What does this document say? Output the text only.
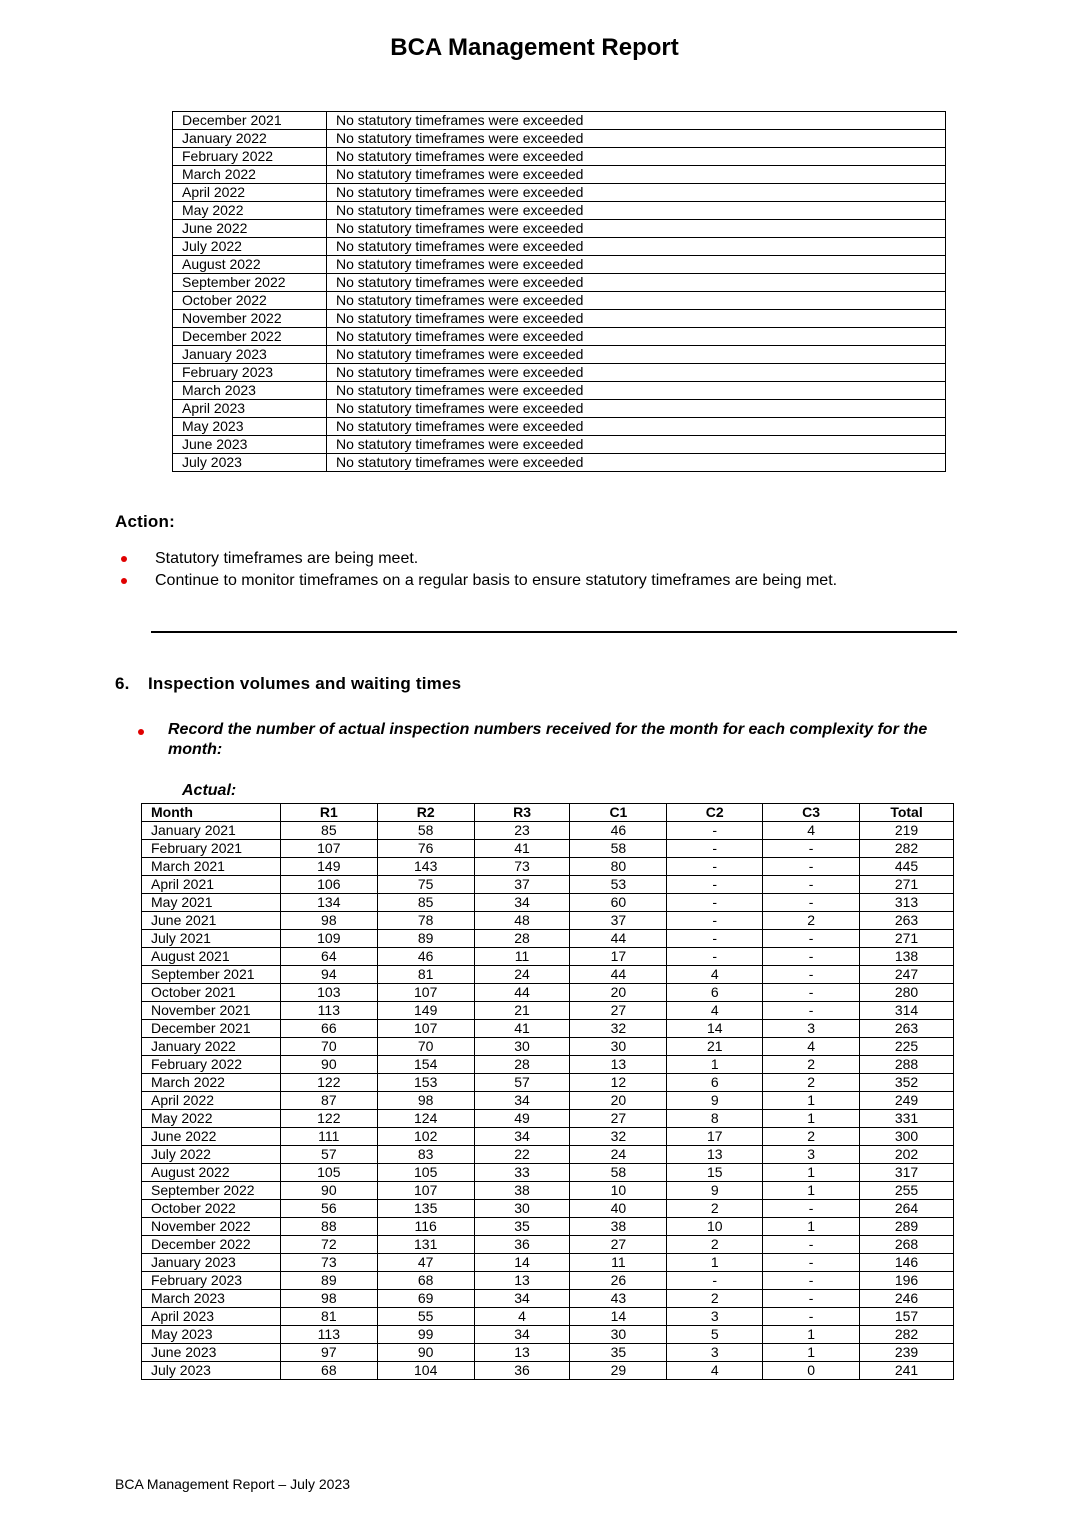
BCA Management Report
December 2021	No statutory timeframes were exceeded
January 2022	No statutory timeframes were exceeded
February 2022	No statutory timeframes were exceeded
March 2022	No statutory timeframes were exceeded
April 2022	No statutory timeframes were exceeded
May 2022	No statutory timeframes were exceeded
June 2022	No statutory timeframes were exceeded
July 2022	No statutory timeframes were exceeded
August 2022	No statutory timeframes were exceeded
September 2022	No statutory timeframes were exceeded
October 2022	No statutory timeframes were exceeded
November 2022	No statutory timeframes were exceeded
December 2022	No statutory timeframes were exceeded
January 2023	No statutory timeframes were exceeded
February 2023	No statutory timeframes were exceeded
March 2023	No statutory timeframes were exceeded
April 2023	No statutory timeframes were exceeded
May 2023	No statutory timeframes were exceeded
June 2023	No statutory timeframes were exceeded
July 2023	No statutory timeframes were exceeded
Action:
Statutory timeframes are being meet.
Continue to monitor timeframes on a regular basis to ensure statutory timeframes are being met.
6. Inspection volumes and waiting times

Record the number of actual inspection numbers received for the month for each complexity for the month:

Actual:

Month	R1	R2	R3	C1	C2	C3	Total
January 2021	85	58	23	46	-	4	219
February 2021	107	76	41	58	-	-	282
March 2021	149	143	73	80	-	-	445
April 2021	106	75	37	53	-	-	271
May 2021	134	85	34	60	-	-	313
June 2021	98	78	48	37	-	2	263
July 2021	109	89	28	44	-	-	271
August 2021	64	46	11	17	-	-	138
September 2021	94	81	24	44	4	-	247
October 2021	103	107	44	20	6	-	280
November 2021	113	149	21	27	4	-	314
December 2021	66	107	41	32	14	3	263
January 2022	70	70	30	30	21	4	225
February 2022	90	154	28	13	1	2	288
March 2022	122	153	57	12	6	2	352
April 2022	87	98	34	20	9	1	249
May 2022	122	124	49	27	8	1	331
June 2022	111	102	34	32	17	2	300
July 2022	57	83	22	24	13	3	202
August 2022	105	105	33	58	15	1	317
September 2022	90	107	38	10	9	1	255
October 2022	56	135	30	40	2	-	264
November 2022	88	116	35	38	10	1	289
December 2022	72	131	36	27	2	-	268
January 2023	73	47	14	11	1	-	146
February 2023	89	68	13	26	-	-	196
March 2023	98	69	34	43	2	-	246
April 2023	81	55	4	14	3	-	157
May 2023	113	99	34	30	5	1	282
June 2023	97	90	13	35	3	1	239
July 2023	68	104	36	29	4	0	241

BCA Management Report – July 2023
